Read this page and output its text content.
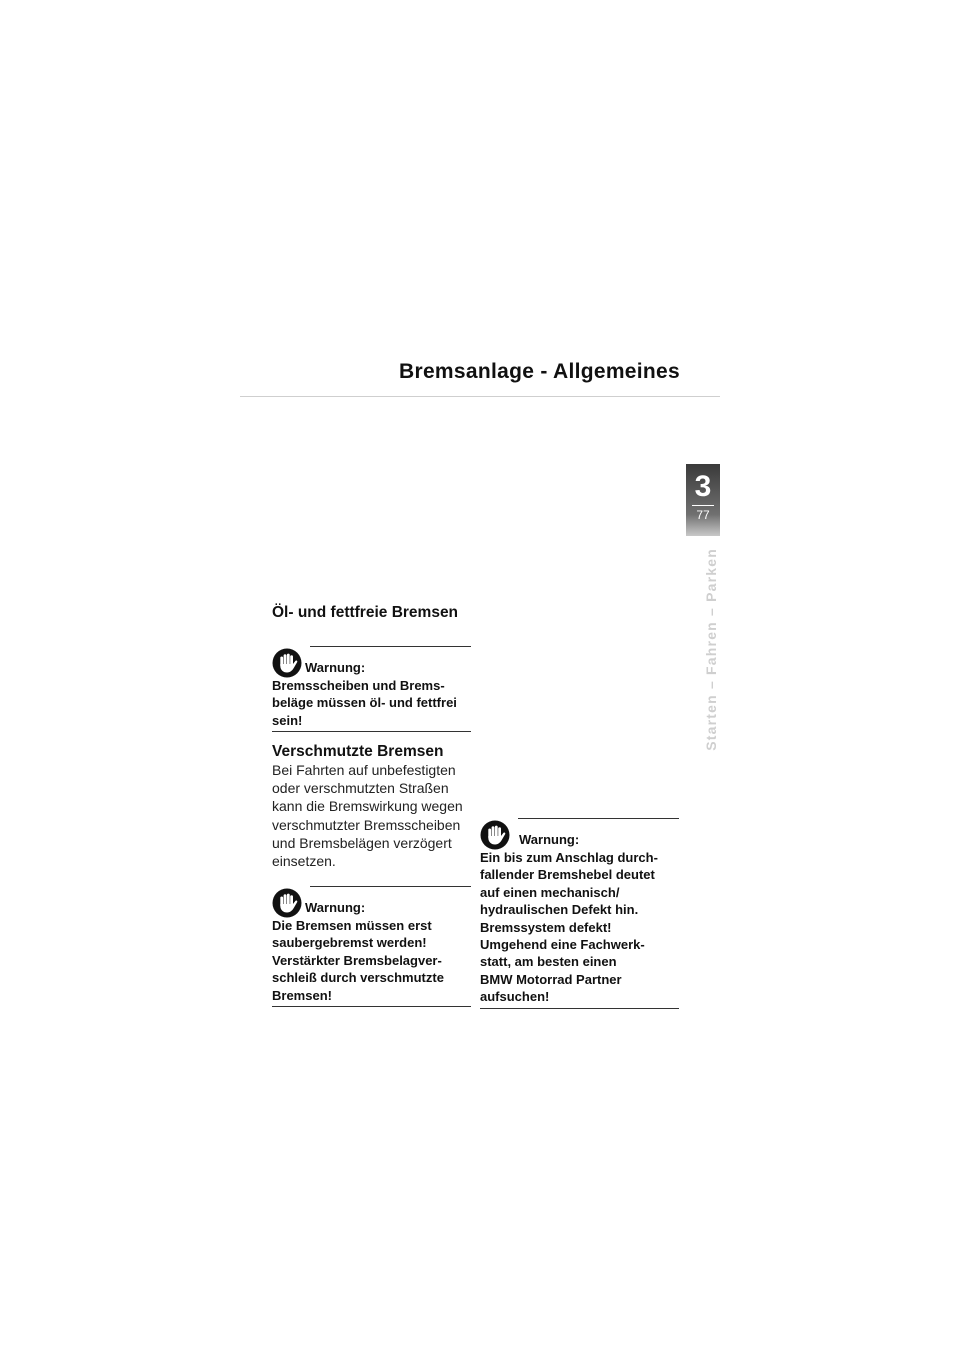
Bremsanlage - Allgemeines
3
77
Starten – Fahren – Parken
Öl- und fettfreie Bremsen
Warnung:
Bremsscheiben und Brems-
beläge müssen öl- und fettfrei
sein!
Verschmutzte Bremsen
Bei Fahrten auf unbefestigten
oder verschmutzten Straßen
kann die Bremswirkung wegen
verschmutzter Bremsscheiben
und Bremsbelägen verzögert
einsetzen.
Warnung:
Die Bremsen müssen erst
saubergebremst werden!
Verstärkter Bremsbelagver-
schleiß durch verschmutzte
Bremsen!
Warnung:
Ein bis zum Anschlag durch-
fallender Bremshebel deutet
auf einen mechanisch/
hydraulischen Defekt hin.
Bremssystem defekt!
Umgehend eine Fachwerk-
statt, am besten einen
BMW Motorrad Partner
aufsuchen!
